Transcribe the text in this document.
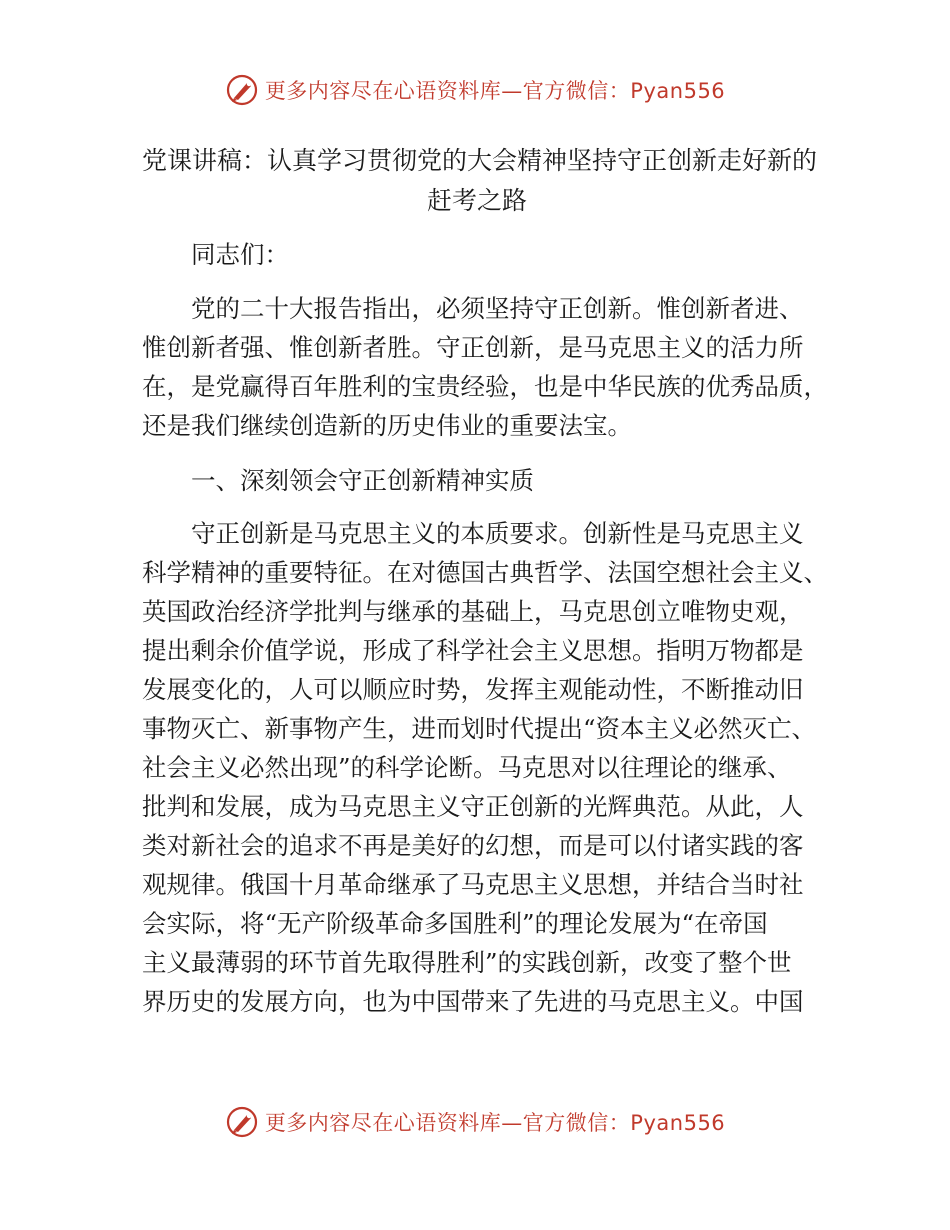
更多内容尽在心语资料库—官方微信：Pyan556
党课讲稿：认真学习贯彻党的大会精神坚持守正创新走好新的
赶考之路

同志们：

党的二十大报告指出，必须坚持守正创新。惟创新者进、

惟创新者强、惟创新者胜。守正创新，是马克思主义的活力所

在，是党赢得百年胜利的宝贵经验，也是中华民族的优秀品质，

还是我们继续创造新的历史伟业的重要法宝。

一、深刻领会守正创新精神实质

守正创新是马克思主义的本质要求。创新性是马克思主义

科学精神的重要特征。在对德国古典哲学、法国空想社会主义、

英国政治经济学批判与继承的基础上，马克思创立唯物史观，

提出剩余价值学说，形成了科学社会主义思想。指明万物都是

发展变化的，人可以顺应时势，发挥主观能动性，不断推动旧

事物灭亡、新事物产生，进而划时代提出“资本主义必然灭亡、

社会主义必然出现”的科学论断。马克思对以往理论的继承、

批判和发展，成为马克思主义守正创新的光辉典范。从此，人

类对新社会的追求不再是美好的幻想，而是可以付诸实践的客

观规律。俄国十月革命继承了马克思主义思想，并结合当时社

会实际，将“无产阶级革命多国胜利”的理论发展为“在帝国

主义最薄弱的环节首先取得胜利”的实践创新，改变了整个世

界历史的发展方向，也为中国带来了先进的马克思主义。中国

更多内容尽在心语资料库—官方微信：Pyan556
